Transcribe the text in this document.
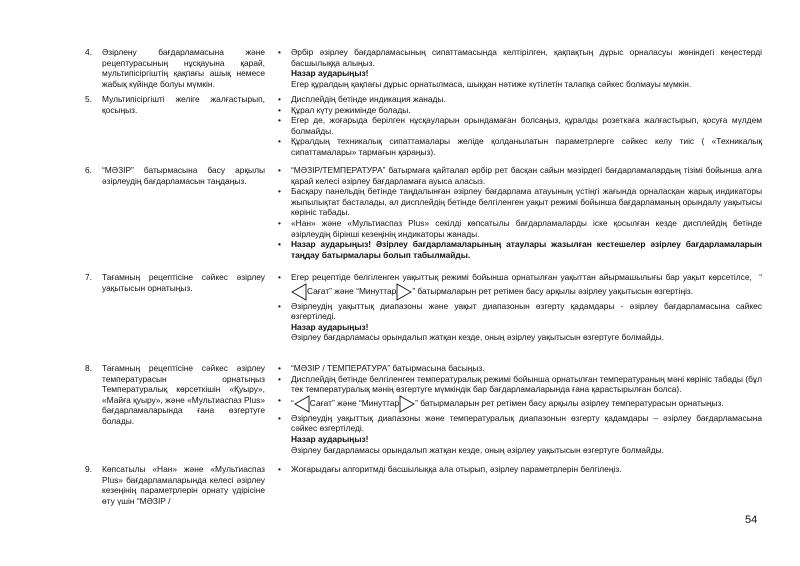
4. Әзірлену бағдарламасына және рецептурасының нұсқауына қарай, мультипісіргіштің қақпағы ашық немесе жабық күйінде болуы мүмкін.
5. Мультипісіргішті желіге жалғастырып, қосыңыз.
6. “МӘЗІР” батырмасына басу арқылы әзірлеудің бағдарламасын таңдаңыз.
7. Тағамның рецептісіне сәйкес әзірлеу уақытысын орнатыңыз.
8. Тағамның рецептісіне сәйкес әзірлеу температурасын орнатыңыз Температуралық көрсеткішін «Қуыру», «Майға қуыру», және «Мультиаспаз Plus» бағдарламаларында ғана өзгертуге болады.
9. Көпсатылы «Нан» және «Мультиаспаз Plus» бағдарламаларында келесі әзірлеу кезеңінің параметрлерін орнату үдірісіне өту үшін “МӘЗІР /
• Әрбір әзірлеу бағдарламасының сипаттамасында келтірілген, қақпақтың дұрыс орналасуы жөніндегі кеңестерді басшылыққа алыңыз.
Назар аударыңыз!
Егер құралдың қақпағы дұрыс орнатылмаса, шыққан нәтиже күтілетін талапқа сәйкес болмауы мүмкін.
• Дисплейдің бетінде индикация жанады.
• Құрал күту режимінде болады.
• Егер де, жоғарыда берілген нұсқауларын орындамаған болсаңыз, құралды розеткаға жалғастырып, қосуға мүлдем болмайды.
• Құралдың техникалық сипаттамалары желіде қолданылатын параметрлерге сәйкес келу тиіс ( «Техникалық сипаттамалары» тармағын қараңыз).
• “МӘЗІР/ТЕМПЕРАТУРА” батырмаға қайталап әрбір рет басқан сайын мәзірдегі бағдарламалардың тізімі бойынша алға қарай келесі әзірлеу бағдарламаға ауыса аласыз.
• Басқару панельдің бетінде таңдалынған әзірлеу бағдарлама атауының үстіңгі жағында орналасқан жарық индикаторы жыпылықтат басталады, ал дисплейдің бетінде белгіленген уақыт режимі бойынша бағдарламаның орындалу уақытысы көрініс табады.
• «Нан» және «Мультиаспаз Plus» секілді көпсатылы бағдарламаларды іске қосылған кезде дисплейдің бетінде әзірлеудің бірінші кезеңінің индикаторы жанады.
• Назар аударыңыз! Әзірлеу бағдарламаларының атаулары жазылған кестешелер әзірлеу бағдарламаларын таңдау батырмалары болып табылмайды.
• Егер рецептіде белгіленген уақыттық режимі бойынша орнатылған уақыттан айырмашылығы бар уақыт көрсетілсе, “Сағат” және “Минуттар ” батырмаларын рет ретімен басу арқылы әзірлеу уақытысын өзгертіңіз.
• Әзірлеудің уақыттық диапазоны және уақыт диапазонын өзгерту қадамдары - әзірлеу бағдарламасына сайкес өзгертіледі.
Назар аударыңыз!
Әзірлеу бағдарламасы орындалып жатқан кезде, оның әзірлеу уақытысын өзгертуге болмайды.
• “МӘЗІР / ТЕМПЕРАТУРА” батырмасына басыңыз.
• Дисплейдің бетінде белгіленген температуралық режимі бойынша орнатылған температураның мәні көрініс табады (бұл тек температуралық мәнің өзгертуге мүмкіндік бар бағдарламаларында ғана қарастырылған болса).
• “ Сағат” және “Минуттар ” батырмаларын рет ретімен басу арқылы әзірлеу температурасын орнатыңыз.
• Әзірлеудің уақыттық диапазоны және температуралық диапазонын өзгерту қадамдары – әзірлеу бағдарламасына сәйкес өзгертіледі.
Назар аударыңыз!
Әзірлеу бағдарламасы орындалып жатқан кезде, оның әзірлеу уақытысын өзгертуге болмайды.
• Жоғарыдағы алгоритмді басшылыққа ала отырып, әзірлеу параметрлерін белгілеңіз.
54
